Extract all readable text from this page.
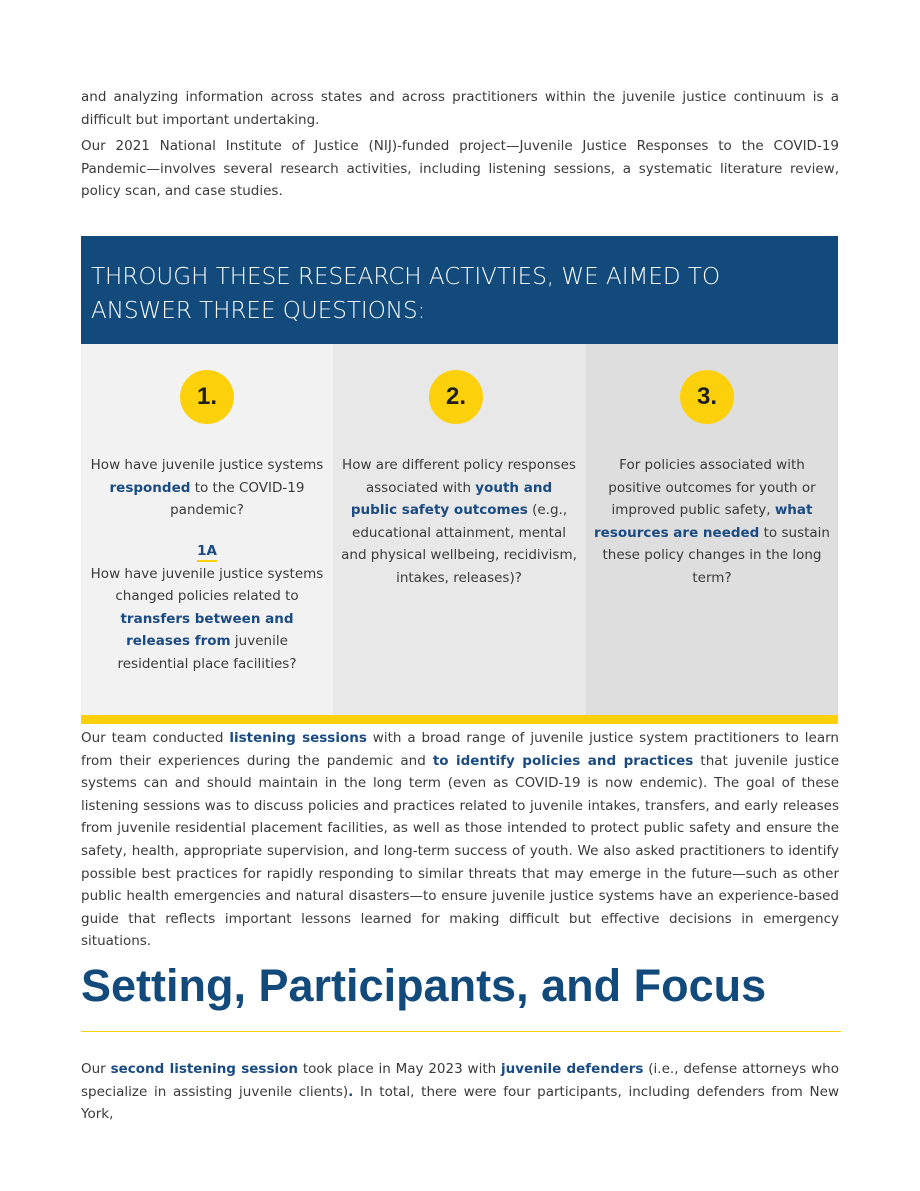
and analyzing information across states and across practitioners within the juvenile justice continuum is a difficult but important undertaking.

Our 2021 National Institute of Justice (NIJ)-funded project—Juvenile Justice Responses to the COVID-19 Pandemic—involves several research activities, including listening sessions, a systematic literature review, policy scan, and case studies.

THROUGH THESE RESEARCH ACTIVTIES, WE AIMED TO ANSWER THREE QUESTIONS:
1.

How have juvenile justice systems responded to the COVID-19 pandemic?

1A
How have juvenile justice systems changed policies related to transfers between and releases from juvenile residential place facilities?

2.

How are different policy responses associated with youth and public safety outcomes (e.g., educational attainment, mental and physical wellbeing, recidivism, intakes, releases)?

3.

For policies associated with positive outcomes for youth or improved public safety, what resources are needed to sustain these policy changes in the long term?

Our team conducted listening sessions with a broad range of juvenile justice system practitioners to learn from their experiences during the pandemic and to identify policies and practices that juvenile justice systems can and should maintain in the long term (even as COVID-19 is now endemic). The goal of these listening sessions was to discuss policies and practices related to juvenile intakes, transfers, and early releases from juvenile residential placement facilities, as well as those intended to protect public safety and ensure the safety, health, appropriate supervision, and long-term success of youth. We also asked practitioners to identify possible best practices for rapidly responding to similar threats that may emerge in the future—such as other public health emergencies and natural disasters—to ensure juvenile justice systems have an experience-based guide that reflects important lessons learned for making difficult but effective decisions in emergency situations.

Setting, Participants, and Focus

Our second listening session took place in May 2023 with juvenile defenders (i.e., defense attorneys who specialize in assisting juvenile clients). In total, there were four participants, including defenders from New York,
